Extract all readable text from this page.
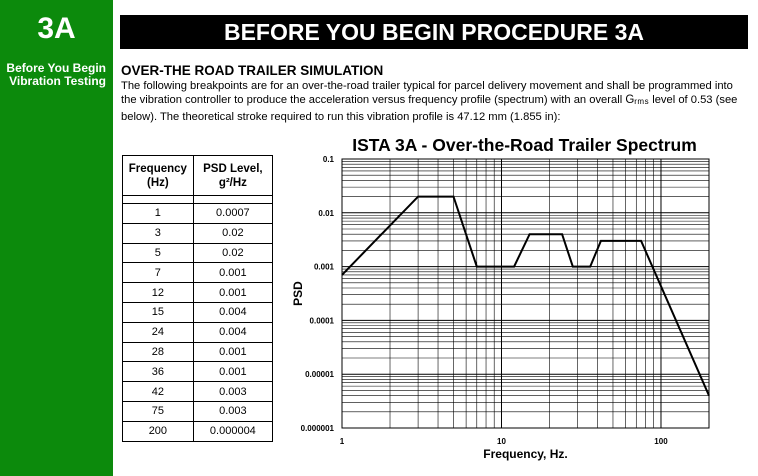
3A
Before You Begin
Vibration Testing
BEFORE YOU BEGIN PROCEDURE 3A
OVER-THE ROAD TRAILER SIMULATION
The following breakpoints are for an over-the-road trailer typical for parcel delivery movement and shall be programmed into the vibration controller to produce the acceleration versus frequency profile (spectrum) with an overall $G_{rms}$ level of 0.53 (see below). The theoretical stroke required to run this vibration profile is 47.12 mm (1.855 in):
Frequency
(Hz)	PSD Level,
g²/Hz

1	0.0007
3	0.02
5	0.02
7	0.001
12	0.001
15	0.004
24	0.004
28	0.001
36	0.001
42	0.003
75	0.003
200	0.000004
ISTA 3A - Over-the-Road Trailer Spectrum
0.1
0.01
0.001
0.0001
0.00001
0.000001
1	10	100
PSD
Frequency, Hz.
